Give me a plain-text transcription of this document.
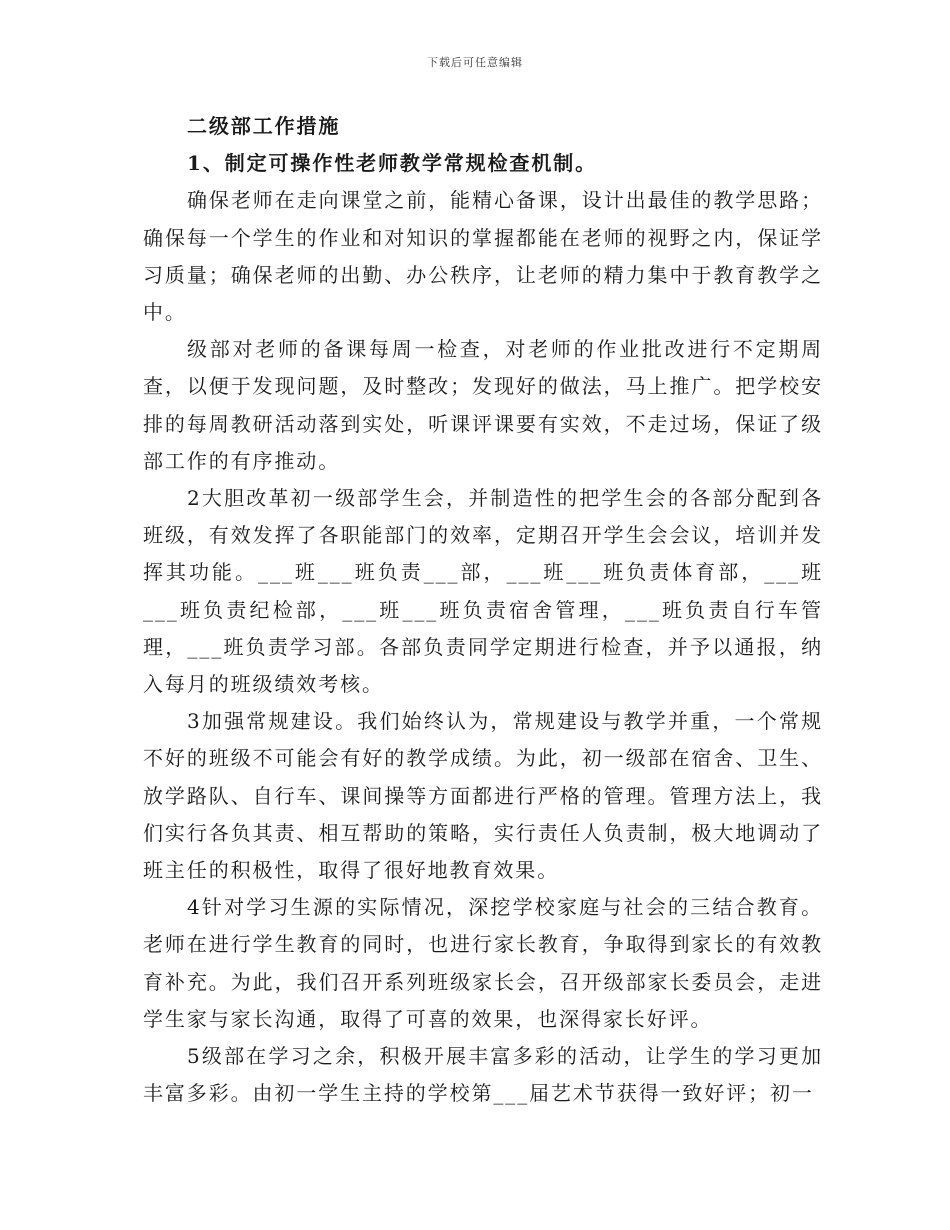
下载后可任意编辑

二级部工作措施

1、制定可操作性老师教学常规检查机制。

确保老师在走向课堂之前，能精心备课，设计出最佳的教学思路；确保每一个学生的作业和对知识的掌握都能在老师的视野之内，保证学习质量；确保老师的出勤、办公秩序，让老师的精力集中于教育教学之中。

级部对老师的备课每周一检查，对老师的作业批改进行不定期周查，以便于发现问题，及时整改；发现好的做法，马上推广。把学校安排的每周教研活动落到实处，听课评课要有实效，不走过场，保证了级部工作的有序推动。

2大胆改革初一级部学生会，并制造性的把学生会的各部分配到各班级，有效发挥了各职能部门的效率，定期召开学生会会议，培训并发挥其功能。___班___班负责___部，___班___班负责体育部，___班___班负责纪检部，___班___班负责宿舍管理，___班负责自行车管理，___班负责学习部。各部负责同学定期进行检查，并予以通报，纳入每月的班级绩效考核。

3加强常规建设。我们始终认为，常规建设与教学并重，一个常规不好的班级不可能会有好的教学成绩。为此，初一级部在宿舍、卫生、放学路队、自行车、课间操等方面都进行严格的管理。管理方法上，我们实行各负其责、相互帮助的策略，实行责任人负责制，极大地调动了班主任的积极性，取得了很好地教育效果。

4针对学习生源的实际情况，深挖学校家庭与社会的三结合教育。老师在进行学生教育的同时，也进行家长教育，争取得到家长的有效教育补充。为此，我们召开系列班级家长会，召开级部家长委员会，走进学生家与家长沟通，取得了可喜的效果，也深得家长好评。

5级部在学习之余，积极开展丰富多彩的活动，让学生的学习更加丰富多彩。由初一学生主持的学校第___届艺术节获得一致好评；初一
